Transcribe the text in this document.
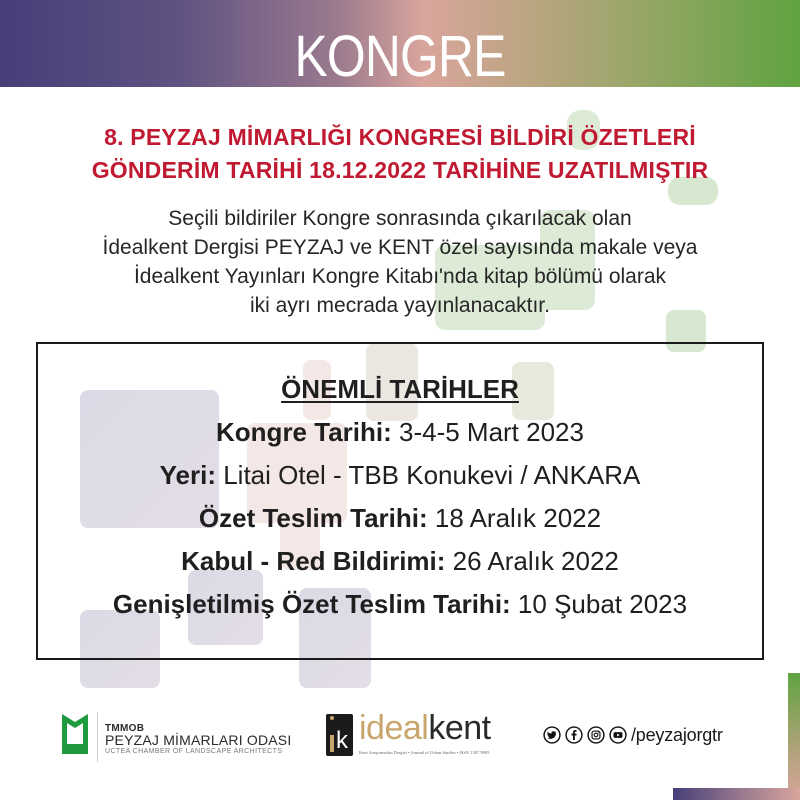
KONGRE
8. PEYZAJ MİMARLIĞI KONGRESİ BİLDİRİ ÖZETLERİ
GÖNDERİM TARİHİ 18.12.2022 TARİHİNE UZATILMIŞTIR
Seçili bildiriler Kongre sonrasında çıkarılacak olan
İdealkent Dergisi PEYZAJ ve KENT özel sayısında makale veya
İdealkent Yayınları Kongre Kitabı'nda kitap bölümü olarak
iki ayrı mecrada yayınlanacaktır.
ÖNEMLİ TARİHLER
Kongre Tarihi: 3-4-5 Mart 2023
Yeri: Litai Otel - TBB Konukevi / ANKARA
Özet Teslim Tarihi: 18 Aralık 2022
Kabul - Red Bildirimi: 26 Aralık 2022
Genişletilmiş Özet Teslim Tarihi: 10 Şubat 2023
TMMOB
PEYZAJ MİMARLARI ODASI
UCTEA CHAMBER OF LANDSCAPE ARCHITECTS k idealkent
Kent Araştırmaları Dergisi • Journal of Urban Studies • ISSN 1307 9905
/peyzajorgtr
